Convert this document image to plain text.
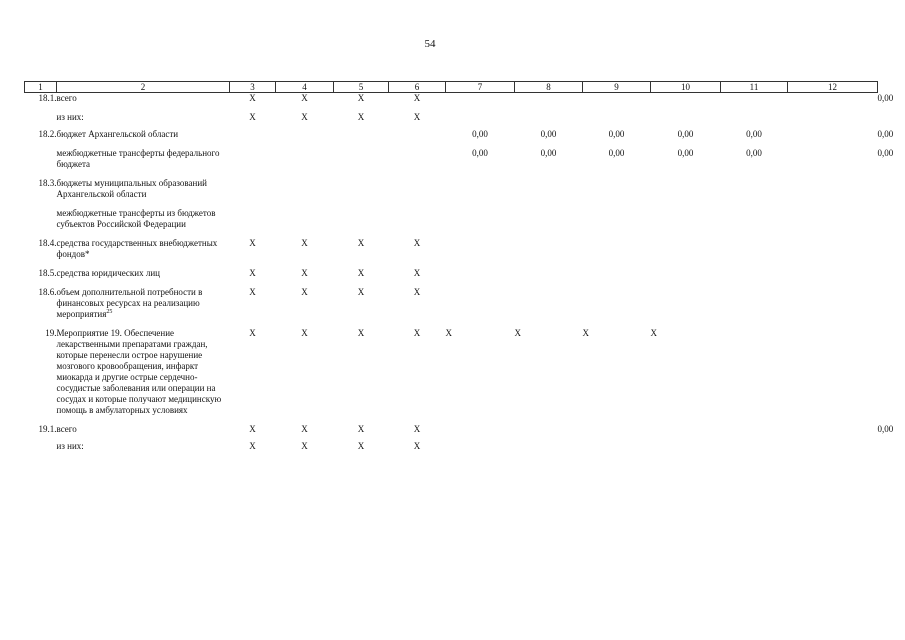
54
1	2	3	4	5	6	7	8	9	10	11	12	
18.1.	всего	X	X	X	X							0,00
	из них:	X	X	X	X							
18.2.	бюджет Архангельской области					0,00	0,00	0,00	0,00	0,00		0,00
	межбюджетные трансферты федерального бюджета					0,00	0,00	0,00	0,00	0,00		0,00
18.3.	бюджеты муниципальных образований Архангельской области											
	межбюджетные трансферты из бюджетов субъектов Российской Федерации											
18.4.	средства государственных внебюджетных фондов*	X	X	X	X							
18.5.	средства юридических лиц	X	X	X	X							
18.6.	объем дополнительной потребности в финансовых ресурсах на реализацию мероприятия$^{25}$	X	X	X	X							
19.	Мероприятие 19. Обеспечение лекарственными препаратами граждан, которые перенесли острое нарушение мозгового кровообращения, инфаркт миокарда и другие острые сердечно-сосудистые заболевания или операции на сосудах и которые получают медицинскую помощь в амбулаторных условиях	X	X	X	X	X	X	X	X			
19.1.	всего	X	X	X	X							0,00
	из них:	X	X	X	X							
